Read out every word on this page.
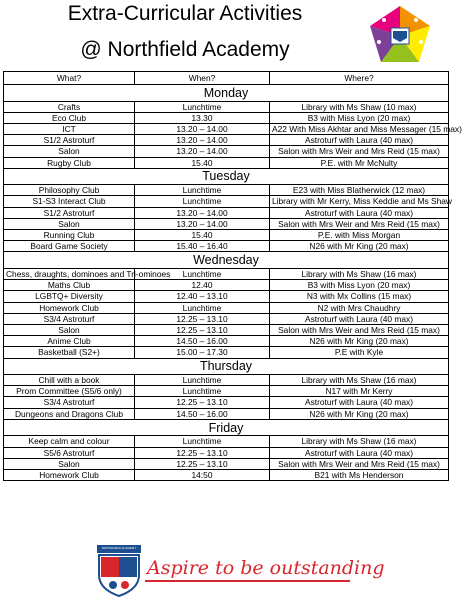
Extra-Curricular Activities
@ Northfield Academy
What?	When?	Where?
Monday		
Crafts	Lunchtime	Library with Ms Shaw (10 max)
Eco Club	13.30	B3 with Miss Lyon (20 max)
ICT	13.20 – 14.00	A22 With Miss Akhtar and Miss Messager (15 max)
S1/2 Astroturf	13.20 – 14.00	Astroturf with Laura (40 max)
Salon	13.20 – 14.00	Salon with Mrs Weir and Mrs Reid (15 max)
Rugby Club	15.40	P.E. with Mr McNulty
Tuesday		
Philosophy Club	Lunchtime	E23 with Miss Blatherwick (12 max)
S1-S3 Interact Club	Lunchtime	Library with Mr Kerry, Miss Keddie and Ms Shaw
S1/2 Astroturf	13.20 – 14.00	Astroturf with Laura (40 max)
Salon	13.20 – 14.00	Salon with Mrs Weir and Mrs Reid (15 max)
Running Club	15.40	P.E. with Miss Morgan
Board Game Society	15.40 – 16.40	N26 with Mr King (20 max)
Wednesday		
Chess, draughts, dominoes and Tri-ominoes	Lunchtime	Library with Ms Shaw (16 max)
Maths Club	12.40	B3 with Miss Lyon (20 max)
LGBTQ+ Diversity	12.40 – 13.10	N3 with Mx Collins (15 max)
Homework Club	Lunchtime	N2 with Mrs Chaudhry
S3/4 Astroturf	12.25 – 13.10	Astroturf with Laura (40 max)
Salon	12.25 – 13.10	Salon with Mrs Weir and Mrs Reid (15 max)
Anime Club	14.50 – 16.00	N26 with Mr King (20 max)
Basketball (S2+)	15.00 – 17.30	P.E with Kyle
Thursday		
Chill with a book	Lunchtime	Library with Ms Shaw (16 max)
Prom Committee (S5/6 only)	Lunchtime	N17 with Mr Kerry
S3/4 Astroturf	12.25 – 13.10	Astroturf with Laura (40 max)
Dungeons and Dragons Club	14.50 – 16.00	N26 with Mr King (20 max)
Friday		
Keep calm and colour	Lunchtime	Library with Ms Shaw (16 max)
S5/6 Astroturf	12.25 – 13.10	Astroturf with Laura (40 max)
Salon	12.25 – 13.10	Salon with Mrs Weir and Mrs Reid (15 max)
Homework Club	14:50	B21 with Ms Henderson
NORTHFIELD ACADEMY
Aspire to be outstanding
